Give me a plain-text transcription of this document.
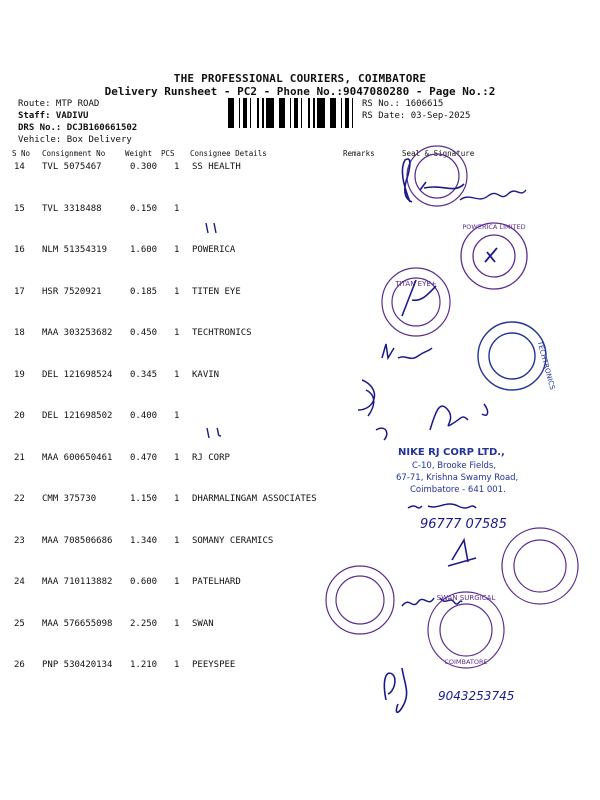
THE PROFESSIONAL COURIERS, COIMBATORE
Delivery Runsheet - PC2 - Phone No.:9047080280 - Page No.:2
Route: MTP ROAD
Staff: VADIVU
DRS No.: DCJB160661502
Vehicle: Box Delivery
RS No.: 1606615
RS Date: 03-Sep-2025
S No Consignment No	Weight PCS Consignee Details	Remarks	Seal & Signature
14 TVL 5075467	0.300 1 SS HEALTH
15 TVL 3318488	0.150 1
16 NLM 51354319	1.600 1 POWERICA
17 HSR 7520921	0.185 1 TITEN EYE
18 MAA 303253682 0.450 1 TECHTRONICS
19 DEL 121698524 0.345 1 KAVIN
20 DEL 121698502 0.400 1
21 MAA 600650461 0.470 1 RJ CORP
22 CMM 375730	1.150 1 DHARMALINGAM ASSOCIATES
23 MAA 708506686 1.340 1 SOMANY CERAMICS
24 MAA 710113882 0.600 1 PATELHARD
25 MAA 576655098 2.250 1 SWAN
26 PNP 530420134 1.210 1 PEEYSPEE
POWERICA LIMITED
TITAN EYE+
TECHTRONICS
NIKE RJ CORP LTD.,
C-10, Brooke Fields,
67-71, Krishna Swamy Road,
Coimbatore - 641 001.
96777 07585
SWAN SURGICAL
COIMBATORE
9043253745
